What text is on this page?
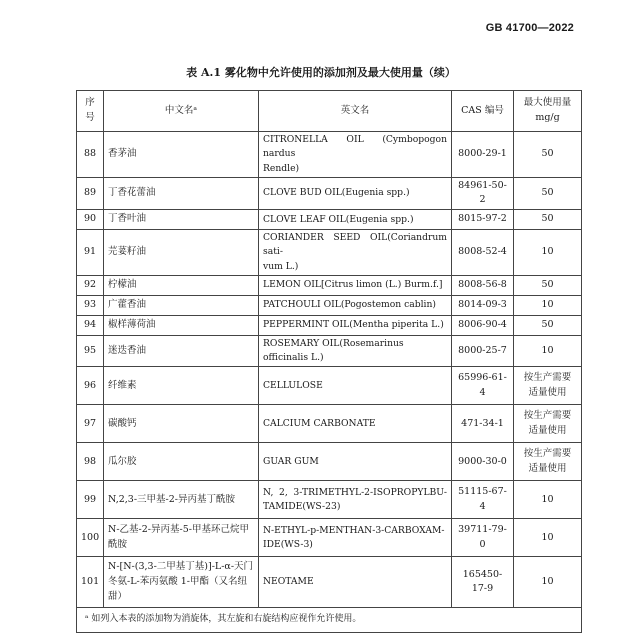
GB 41700—2022
表 A.1 雾化物中允许使用的添加剂及最大使用量（续）
序号	中文名ᵃ	英文名	CAS 编号	最大使用量
mg/g

88	香茅油	CITRONELLA OIL (Cymbopogon nardus
Rendle)	8000-29-1	50

89	丁香花蕾油	CLOVE BUD OIL(Eugenia spp.)	84961-50-2	50

90	丁香叶油	CLOVE LEAF OIL(Eugenia spp.)	8015-97-2	50

91	芫荽籽油	CORIANDER SEED OIL(Coriandrum sati-
vum L.)	8008-52-4	10

92	柠檬油	LEMON OIL[Citrus limon (L.) Burm.f.]	8008-56-8	50

93	广藿香油	PATCHOULI OIL(Pogostemon cablin)	8014-09-3	10

94	椒样薄荷油	PEPPERMINT OIL(Mentha piperita L.)	8006-90-4	50

95	迷迭香油	ROSEMARY OIL(Rosemarinus officinalis L.)	8000-25-7	10

96	纤维素	CELLULOSE	65996-61-4	按生产需要
适量使用

97	碳酸钙	CALCIUM CARBONATE	471-34-1	按生产需要
适量使用

98	瓜尔胶	GUAR GUM	9000-30-0	按生产需要
适量使用

99	N,2,3-三甲基-2-异丙基丁酰胺	N, 2, 3-TRIMETHYL-2-ISOPROPYLBU-
TAMIDE(WS-23)	51115-67-4	10

100	N-乙基-2-异丙基-5-甲基环己烷甲酰胺	N-ETHYL-p-MENTHAN-3-CARBOXAM-
IDE(WS-3)	39711-79-0	10

101	N-[N-(3,3-二甲基丁基)]-L-α-天门冬氨-L-苯丙氨酸 1-甲酯（又名纽甜）	NEOTAME	165450-17-9	10

ᵃ 如列入本表的添加物为消旋体，其左旋和右旋结构应视作允许使用。				
